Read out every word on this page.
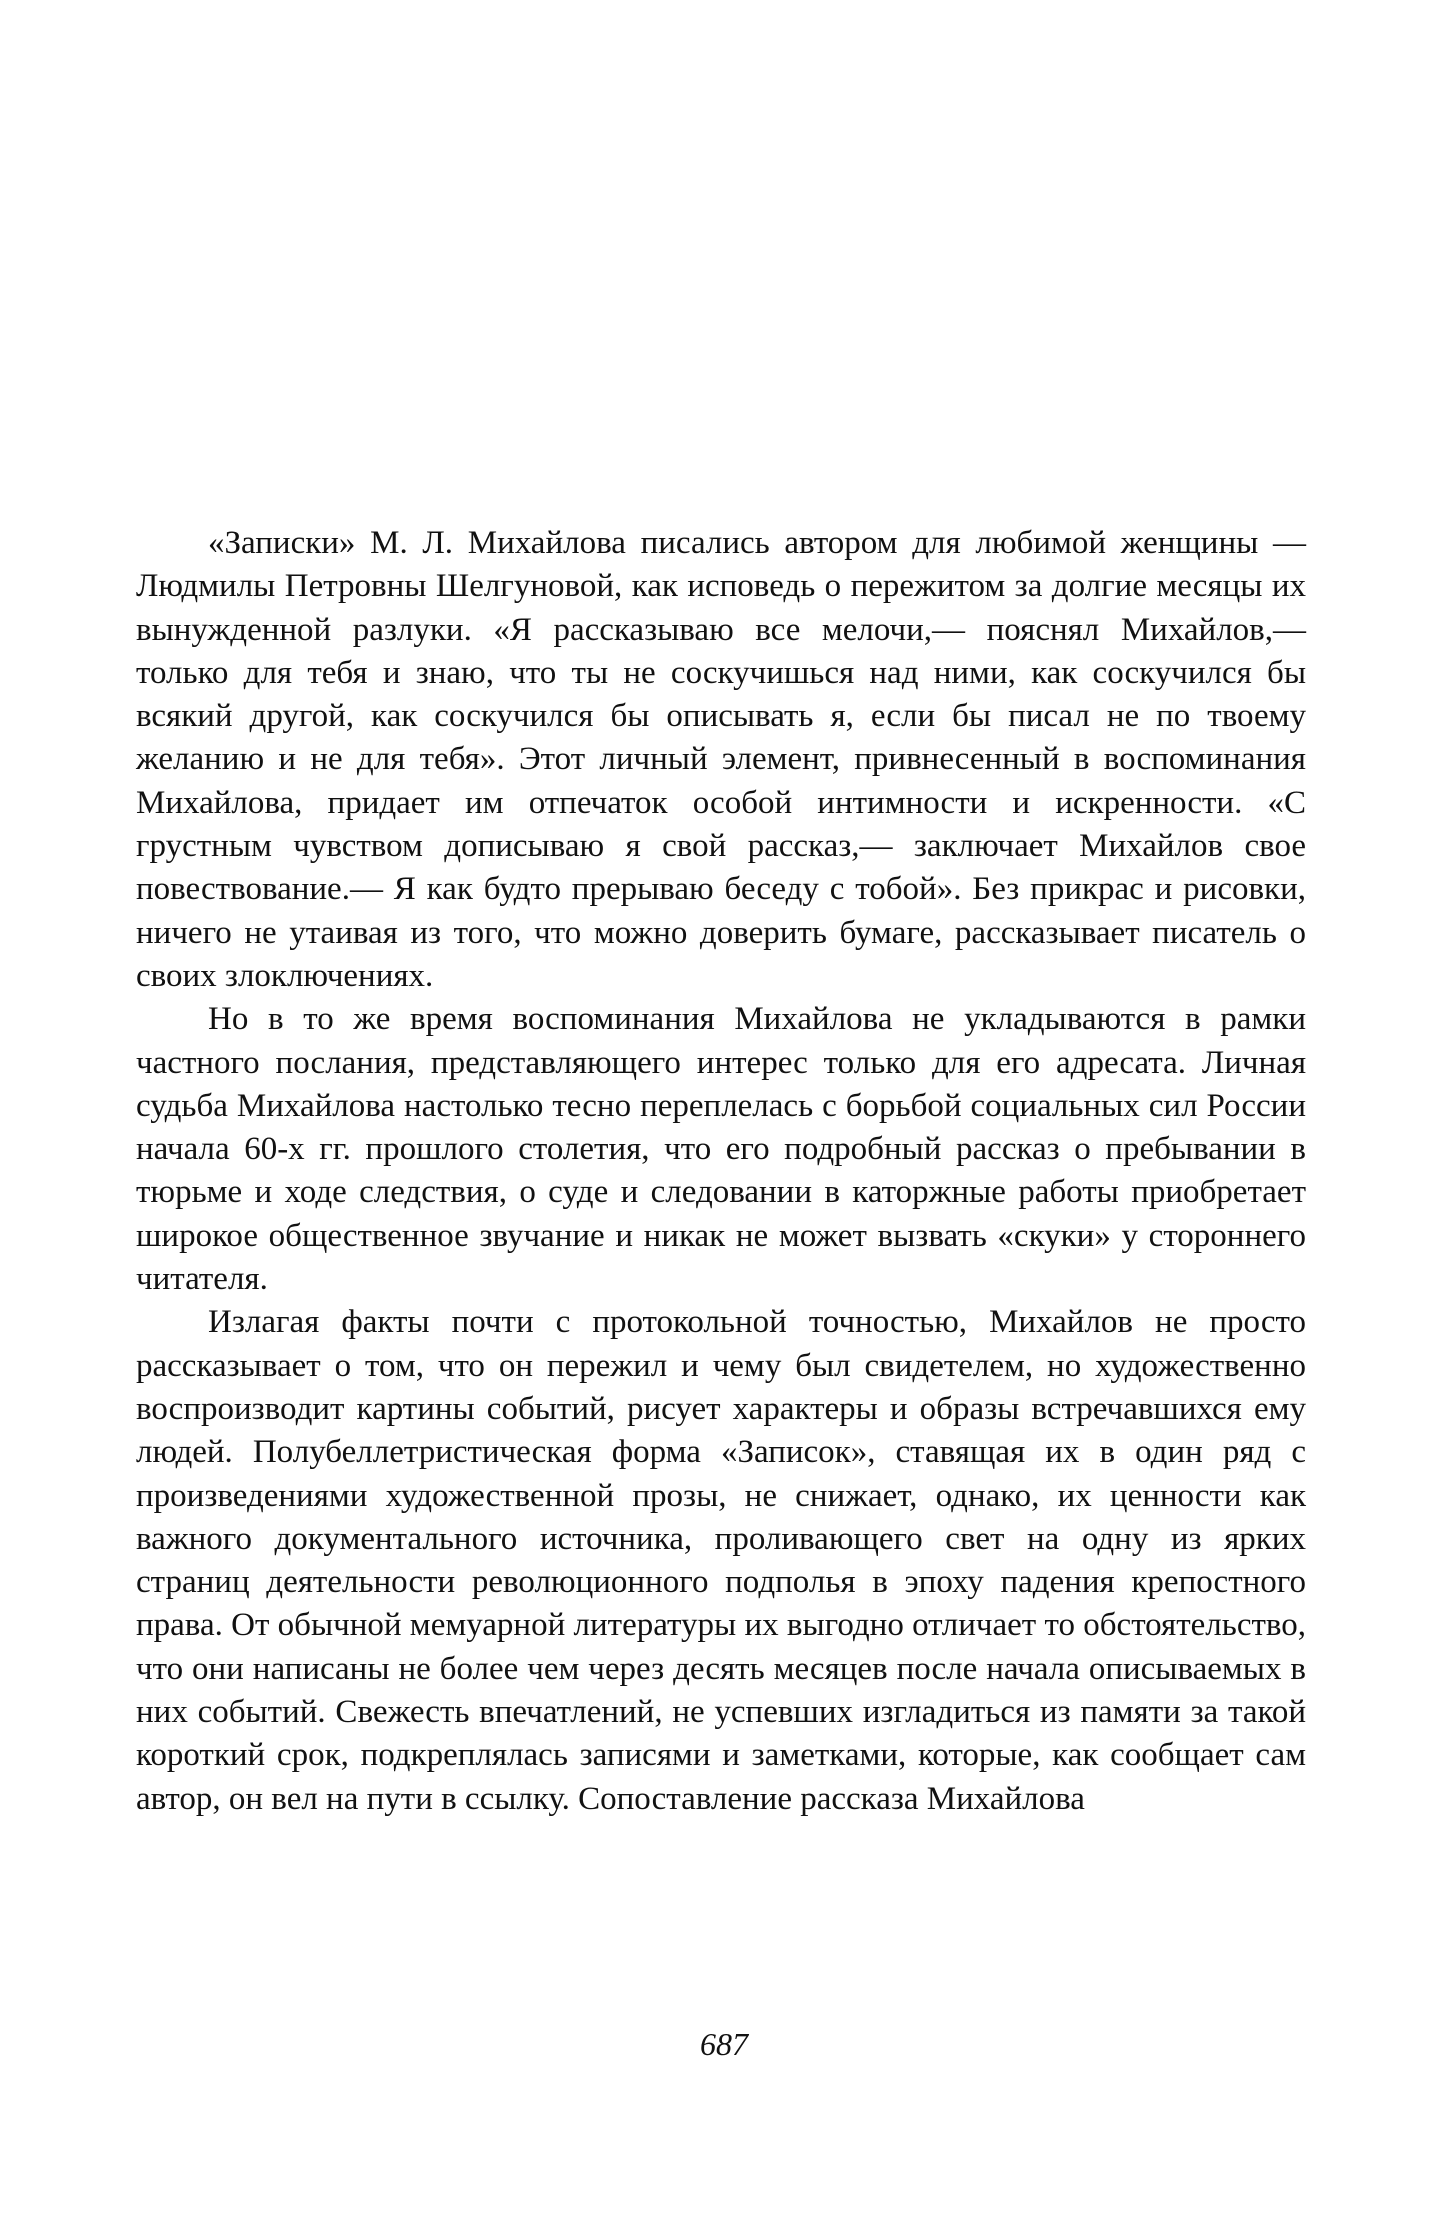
«Записки» М. Л. Михайлова писались автором для любимой женщины — Людмилы Петровны Шелгуновой, как исповедь о пережитом за долгие месяцы их вынужденной разлуки. «Я рассказываю все мелочи,— пояснял Михайлов,— только для тебя и знаю, что ты не соскучишься над ними, как соскучился бы всякий другой, как соскучился бы описывать я, если бы писал не по твоему желанию и не для тебя». Этот личный элемент, привнесенный в воспоминания Михайлова, придает им отпечаток особой интимности и искренности. «С грустным чувством дописываю я свой рассказ,— заключает Михайлов свое повествование.— Я как будто прерываю беседу с тобой». Без прикрас и рисовки, ничего не утаивая из того, что можно доверить бумаге, рассказывает писатель о своих злоключениях.

Но в то же время воспоминания Михайлова не укладываются в рамки частного послания, представляющего интерес только для его адресата. Личная судьба Михайлова настолько тесно переплелась с борьбой социальных сил России начала 60-х гг. прошлого столетия, что его подробный рассказ о пребывании в тюрьме и ходе следствия, о суде и следовании в каторжные работы приобретает широкое общественное звучание и никак не может вызвать «скуки» у стороннего читателя.

Излагая факты почти с протокольной точностью, Михайлов не просто рассказывает о том, что он пережил и чему был свидетелем, но художественно воспроизводит картины событий, рисует характеры и образы встречавшихся ему людей. Полубеллетристическая форма «Записок», ставящая их в один ряд с произведениями художественной прозы, не снижает, однако, их ценности как важного документального источника, проливающего свет на одну из ярких страниц деятельности революционного подполья в эпоху падения крепостного права. От обычной мемуарной литературы их выгодно отличает то обстоятельство, что они написаны не более чем через десять месяцев после начала описываемых в них событий. Свежесть впечатлений, не успевших изгладиться из памяти за такой короткий срок, подкреплялась записями и заметками, которые, как сообщает сам автор, он вел на пути в ссылку. Сопоставление рассказа Михайлова

687
